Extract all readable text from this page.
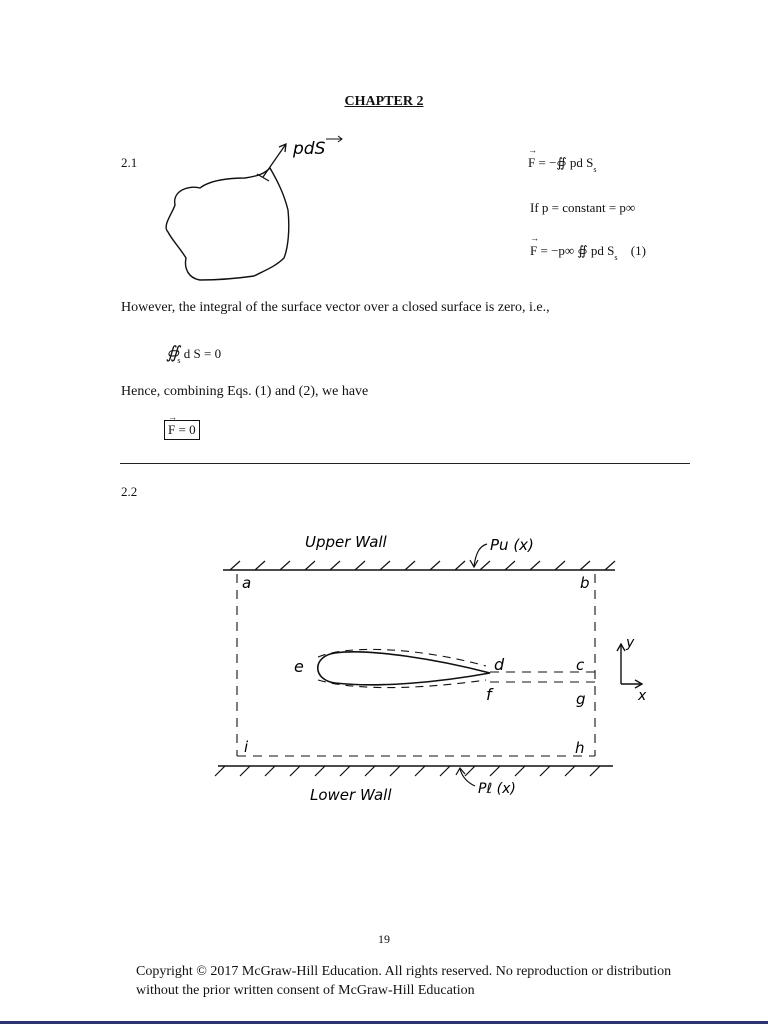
CHAPTER 2
2.1
pdS
→ F = −∯ pd $S_s$
If p = constant = p∞
→ F = −p∞ ∯ pd $S_s$ (1)
However, the integral of the surface vector over a closed surface is zero, i.e.,
$∯_s$ d S = 0
Hence, combining Eqs. (1) and (2), we have
→ F = 0
2.2
Upper Wall	Pu (x)
Lower Wall	Pℓ (x)
a	b
e	d
f
c
g
h
i
y
x
19
Copyright © 2017 McGraw-Hill Education. All rights reserved. No reproduction or distribution
without the prior written consent of McGraw-Hill Education
